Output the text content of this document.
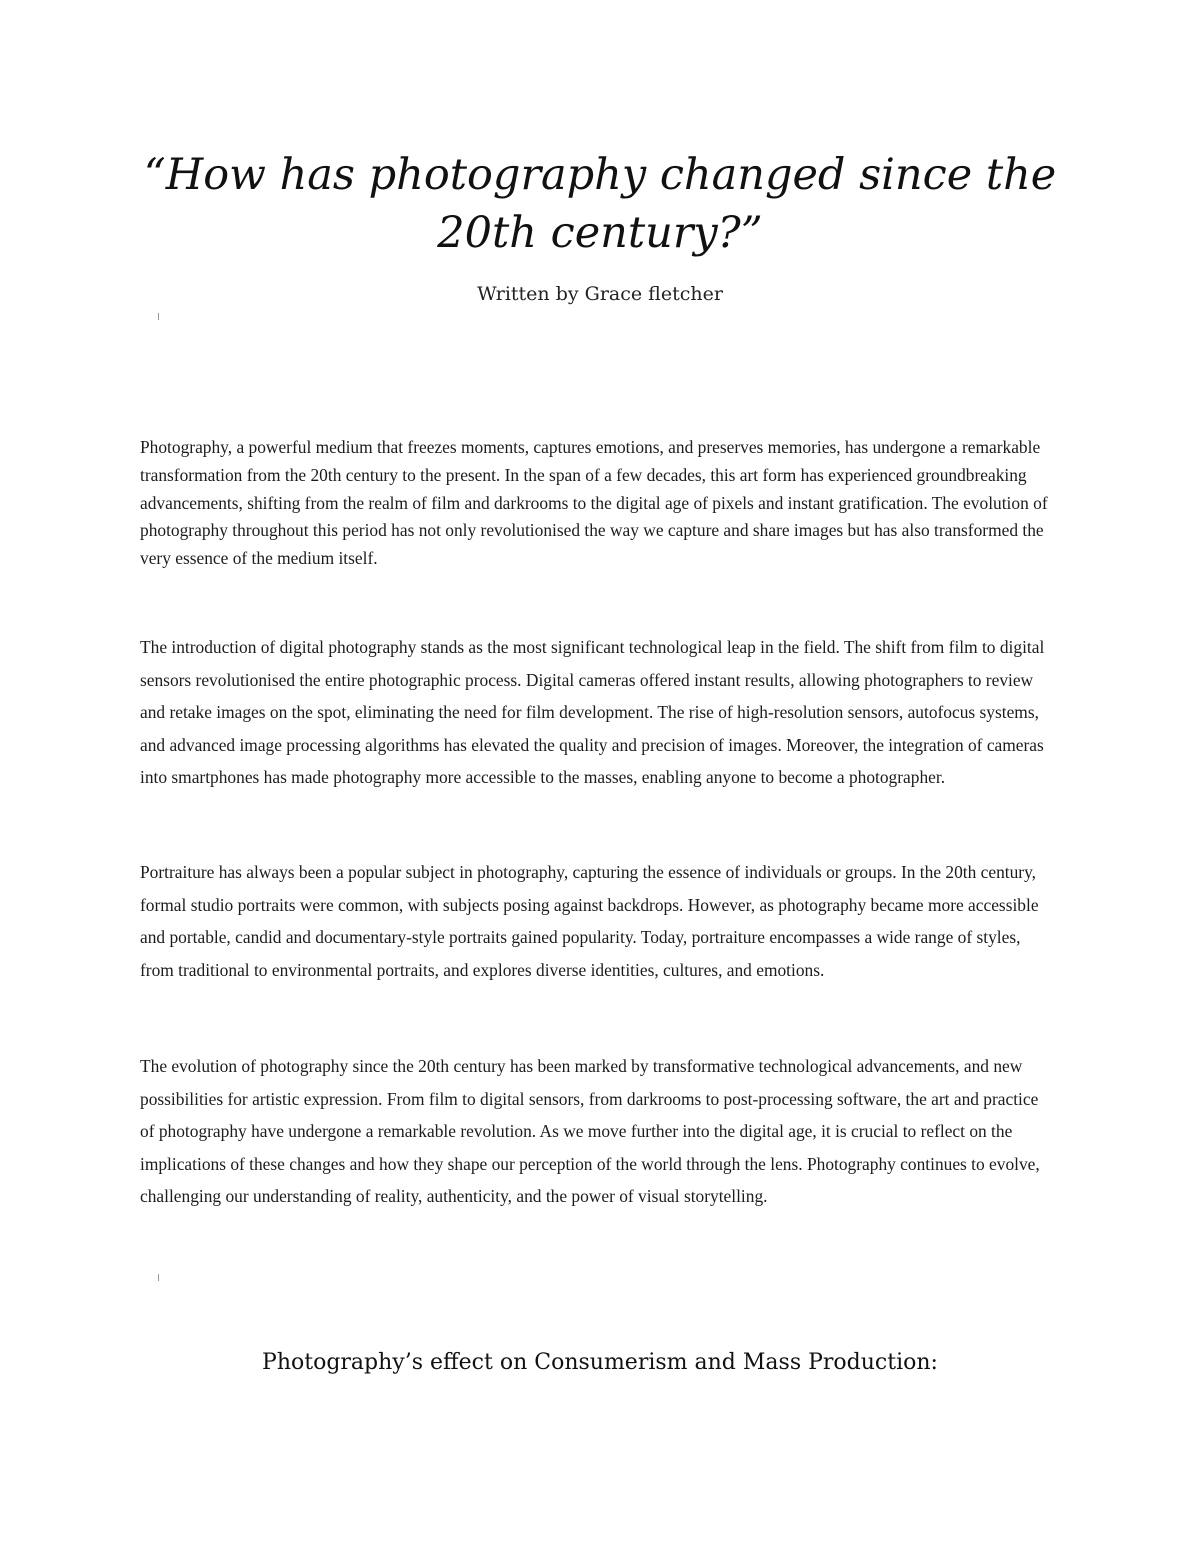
“How has photography changed since the 20th century?”

Written by Grace fletcher

Photography, a powerful medium that freezes moments, captures emotions, and preserves memories, has undergone a remarkable transformation from the 20th century to the present. In the span of a few decades, this art form has experienced groundbreaking advancements, shifting from the realm of film and darkrooms to the digital age of pixels and instant gratification. The evolution of photography throughout this period has not only revolutionised the way we capture and share images but has also transformed the very essence of the medium itself.

The introduction of digital photography stands as the most significant technological leap in the field. The shift from film to digital sensors revolutionised the entire photographic process. Digital cameras offered instant results, allowing photographers to review and retake images on the spot, eliminating the need for film development. The rise of high-resolution sensors, autofocus systems, and advanced image processing algorithms has elevated the quality and precision of images. Moreover, the integration of cameras into smartphones has made photography more accessible to the masses, enabling anyone to become a photographer.

Portraiture has always been a popular subject in photography, capturing the essence of individuals or groups. In the 20th century, formal studio portraits were common, with subjects posing against backdrops. However, as photography became more accessible and portable, candid and documentary-style portraits gained popularity. Today, portraiture encompasses a wide range of styles, from traditional to environmental portraits, and explores diverse identities, cultures, and emotions.

The evolution of photography since the 20th century has been marked by transformative technological advancements, and new possibilities for artistic expression. From film to digital sensors, from darkrooms to post-processing software, the art and practice of photography have undergone a remarkable revolution. As we move further into the digital age, it is crucial to reflect on the implications of these changes and how they shape our perception of the world through the lens. Photography continues to evolve, challenging our understanding of reality, authenticity, and the power of visual storytelling.

Photography’s effect on Consumerism and Mass Production:
